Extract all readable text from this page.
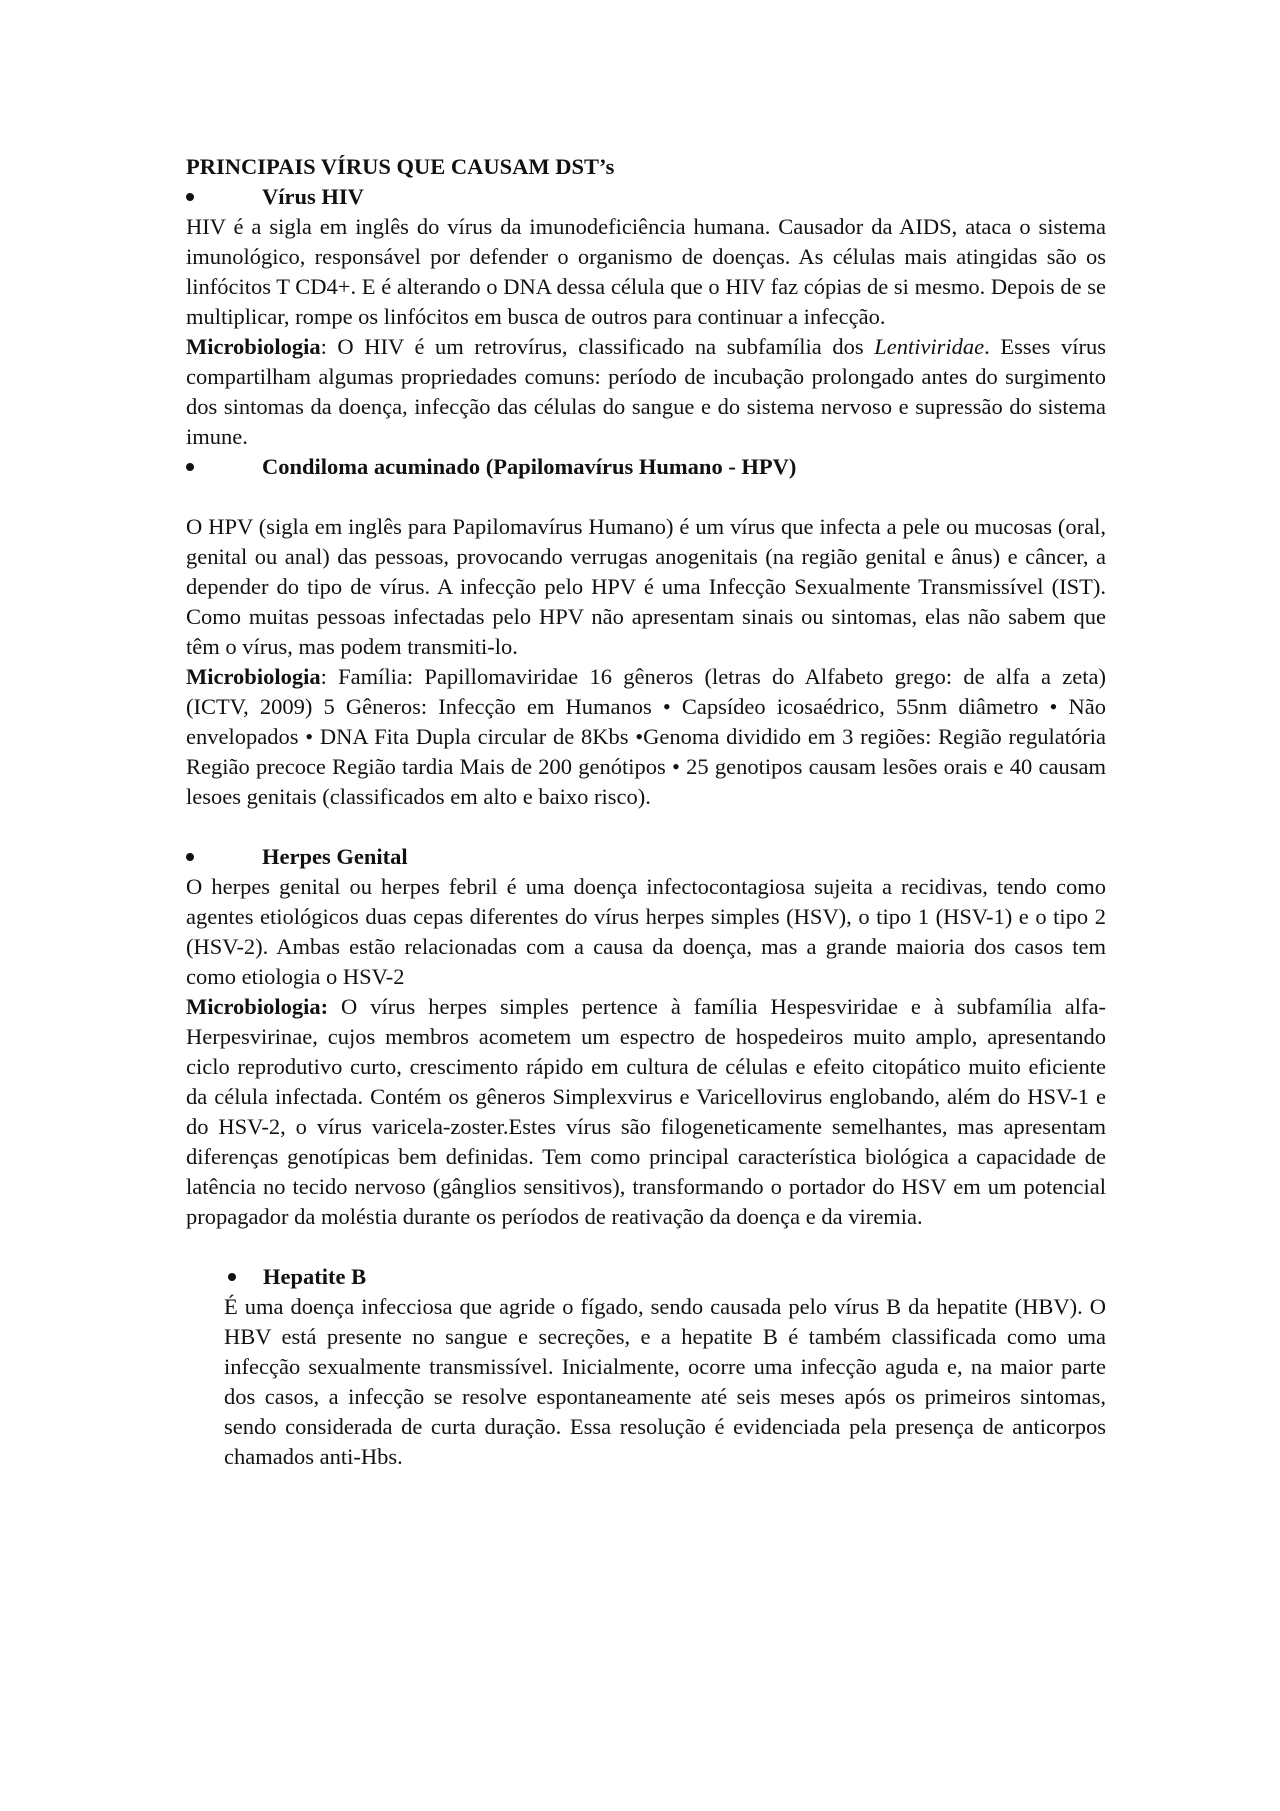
PRINCIPAIS VÍRUS QUE CAUSAM DST’s
Vírus HIV

HIV é a sigla em inglês do vírus da imunodeficiência humana. Causador da AIDS, ataca o sistema imunológico, responsável por defender o organismo de doenças. As células mais atingidas são os linfócitos T CD4+. E é alterando o DNA dessa célula que o HIV faz cópias de si mesmo. Depois de se multiplicar, rompe os linfócitos em busca de outros para continuar a infecção.

Microbiologia: O HIV é um retrovírus, classificado na subfamília dos Lentiviridae. Esses vírus compartilham algumas propriedades comuns: período de incubação prolongado antes do surgimento dos sintomas da doença, infecção das células do sangue e do sistema nervoso e supressão do sistema imune.

Condiloma acuminado (Papilomavírus Humano - HPV)

O HPV (sigla em inglês para Papilomavírus Humano) é um vírus que infecta a pele ou mucosas (oral, genital ou anal) das pessoas, provocando verrugas anogenitais (na região genital e ânus) e câncer, a depender do tipo de vírus. A infecção pelo HPV é uma Infecção Sexualmente Transmissível (IST). Como muitas pessoas infectadas pelo HPV não apresentam sinais ou sintomas, elas não sabem que têm o vírus, mas podem transmiti-lo.

Microbiologia: Família: Papillomaviridae 16 gêneros (letras do Alfabeto grego: de alfa a zeta) (ICTV, 2009) 5 Gêneros: Infecção em Humanos • Capsídeo icosaédrico, 55nm diâmetro • Não envelopados • DNA Fita Dupla circular de 8Kbs •Genoma dividido em 3 regiões: Região regulatória Região precoce Região tardia Mais de 200 genótipos • 25 genotipos causam lesões orais e 40 causam lesoes genitais (classificados em alto e baixo risco).

Herpes Genital

O herpes genital ou herpes febril é uma doença infectocontagiosa sujeita a recidivas, tendo como agentes etiológicos duas cepas diferentes do vírus herpes simples (HSV), o tipo 1 (HSV-1) e o tipo 2 (HSV-2). Ambas estão relacionadas com a causa da doença, mas a grande maioria dos casos tem como etiologia o HSV-2

Microbiologia: O vírus herpes simples pertence à família Hespesviridae e à subfamília alfa-Herpesvirinae, cujos membros acometem um espectro de hospedeiros muito amplo, apresentando ciclo reprodutivo curto, crescimento rápido em cultura de células e efeito citopático muito eficiente da célula infectada. Contém os gêneros Simplexvirus e Varicellovirus englobando, além do HSV-1 e do HSV-2, o vírus varicela-zoster.Estes vírus são filogeneticamente semelhantes, mas apresentam diferenças genotípicas bem definidas. Tem como principal característica biológica a capacidade de latência no tecido nervoso (gânglios sensitivos), transformando o portador do HSV em um potencial propagador da moléstia durante os períodos de reativação da doença e da viremia.

Hepatite B

É uma doença infecciosa que agride o fígado, sendo causada pelo vírus B da hepatite (HBV). O HBV está presente no sangue e secreções, e a hepatite B é também classificada como uma infecção sexualmente transmissível. Inicialmente, ocorre uma infecção aguda e, na maior parte dos casos, a infecção se resolve espontaneamente até seis meses após os primeiros sintomas, sendo considerada de curta duração. Essa resolução é evidenciada pela presença de anticorpos chamados anti-Hbs.
